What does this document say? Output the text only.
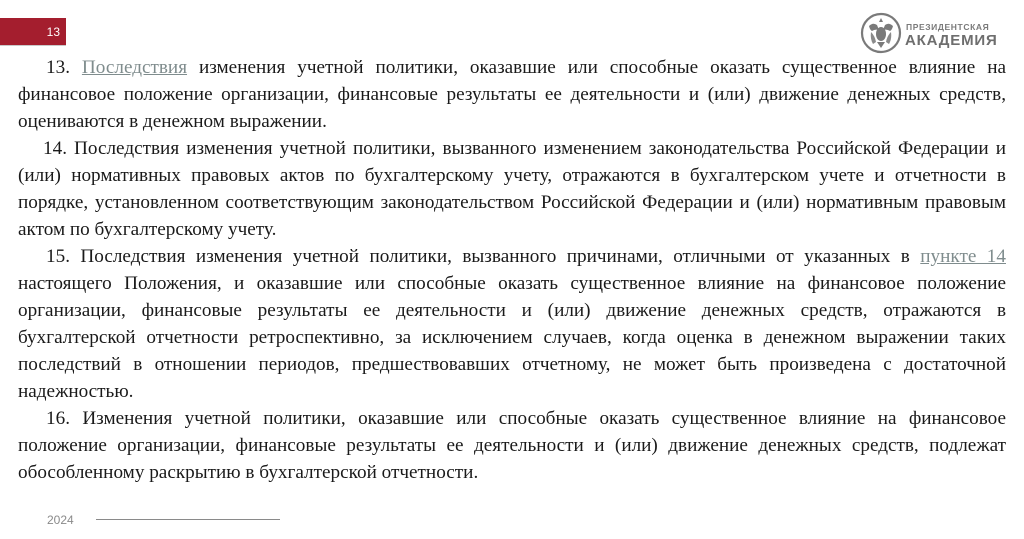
13	ПРЕЗИДЕНТСКАЯ
АКАДЕМИЯ

13. Последствия изменения учетной политики, оказавшие или способные оказать существенное влияние на финансовое положение организации, финансовые результаты ее деятельности и (или) движение денежных средств, оцениваются в денежном выражении.

14. Последствия изменения учетной политики, вызванного изменением законодательства Российской Федерации и (или) нормативных правовых актов по бухгалтерскому учету, отражаются в бухгалтерском учете и отчетности в порядке, установленном соответствующим законодательством Российской Федерации и (или) нормативным правовым актом по бухгалтерскому учету.

15. Последствия изменения учетной политики, вызванного причинами, отличными от указанных в пункте 14 настоящего Положения, и оказавшие или способные оказать существенное влияние на финансовое положение организации, финансовые результаты ее деятельности и (или) движение денежных средств, отражаются в бухгалтерской отчетности ретроспективно, за исключением случаев, когда оценка в денежном выражении таких последствий в отношении периодов, предшествовавших отчетному, не может быть произведена с достаточной надежностью.

16. Изменения учетной политики, оказавшие или способные оказать существенное влияние на финансовое положение организации, финансовые результаты ее деятельности и (или) движение денежных средств, подлежат обособленному раскрытию в бухгалтерской отчетности.

2024
